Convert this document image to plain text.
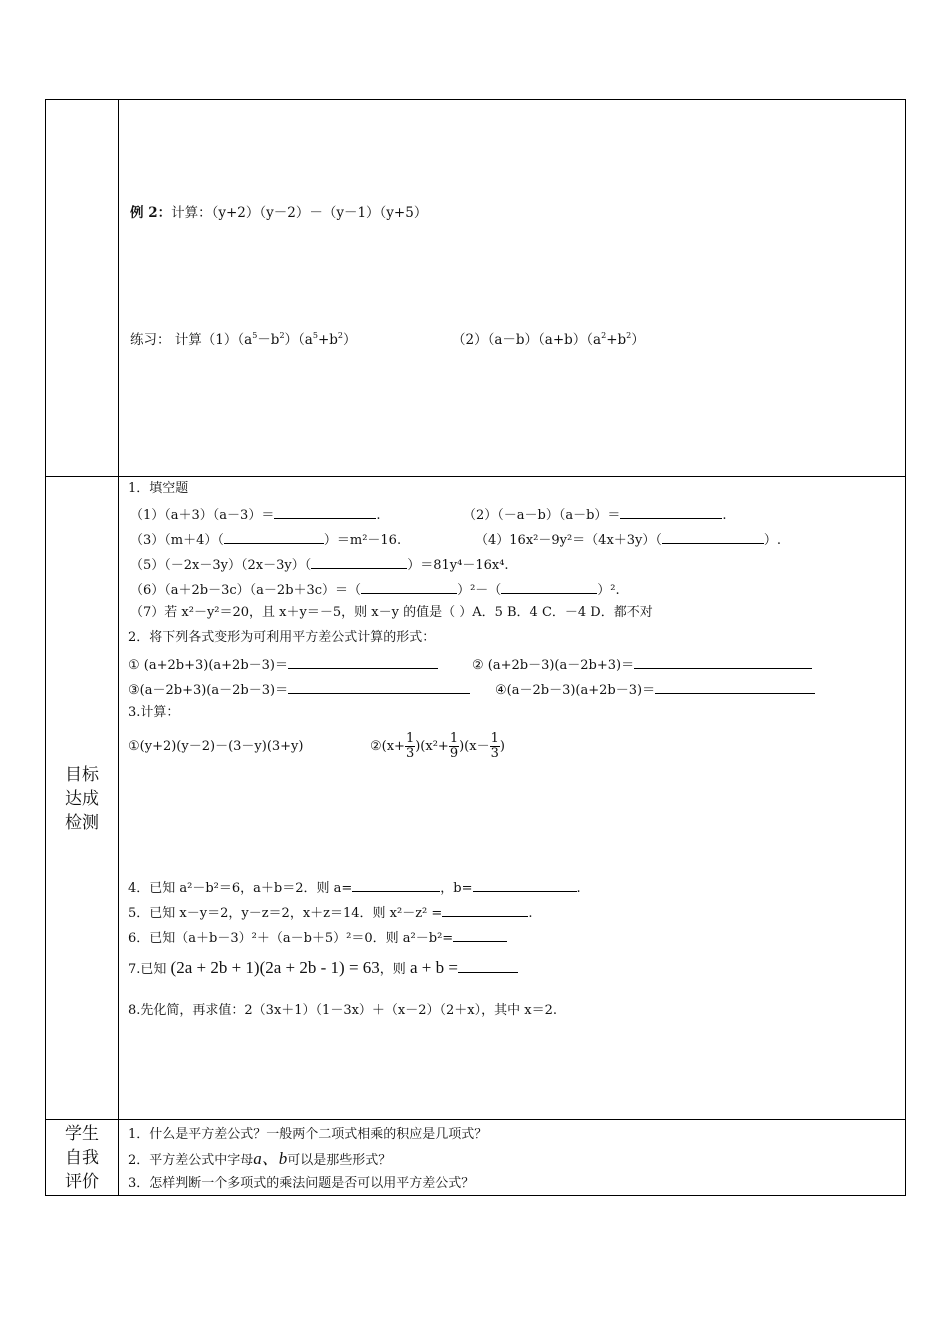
例 2：计算：（y+2）（y－2）－（y－1）（y+5）
练习： 计算$(1)(a^5-b^2)(a^5+b^2)$	$(2)(a-b)(a+b)(a^2+b^2)$
目标
达成
检测
1．填空题
（1）（a＋3）（a－3）＝	.	（2）（－a－b）（a－b）＝	.
（3）（m＋4）（	）＝m²－16.	（4）16x²－9y²＝（4x＋3y）（	）.
（5）（－2x－3y）（2x－3y）（	）＝81y⁴－16x⁴.
（6）（a＋2b－3c）（a－2b＋3c）＝（	）²－（	）².
（7）若 x²－y²＝20，且 x＋y＝－5，则 x－y 的值是（ ）A．5 B．4 C．－4 D．都不对
2．将下列各式变形为可利用平方差公式计算的形式：
① (a+2b+3)(a+2b－3)＝	② (a+2b－3)(a－2b+3)＝
③(a－2b+3)(a－2b－3)＝	④(a－2b－3)(a+2b－3)＝
3.计算：
①(y+2)(y－2)－(3－y)(3+y)	②(x+ $\frac{1}{3} )(x^2+ \frac{1}{9} )(x- \frac{1}{3}$ )
4．已知 a²－b²＝6，a＋b＝2．则 a=	，b=	.
5．已知 x－y＝2，y－z＝2，x＋z＝14．则 x²－z² =	.
6．已知（a＋b－3）²＋（a－b＋5）²＝0．则 a²－b²=
7.已知 (2a + 2b + 1)(2a + 2b - 1) = 63，则 a + b =
8.先化简，再求值：2（3x＋1）（1－3x）＋（x－2）（2＋x），其中 x＝2.
学生
自我
评价
1．什么是平方差公式？一般两个二项式相乘的积应是几项式？
2．平方差公式中字母a、b可以是那些形式？
3．怎样判断一个多项式的乘法问题是否可以用平方差公式？
